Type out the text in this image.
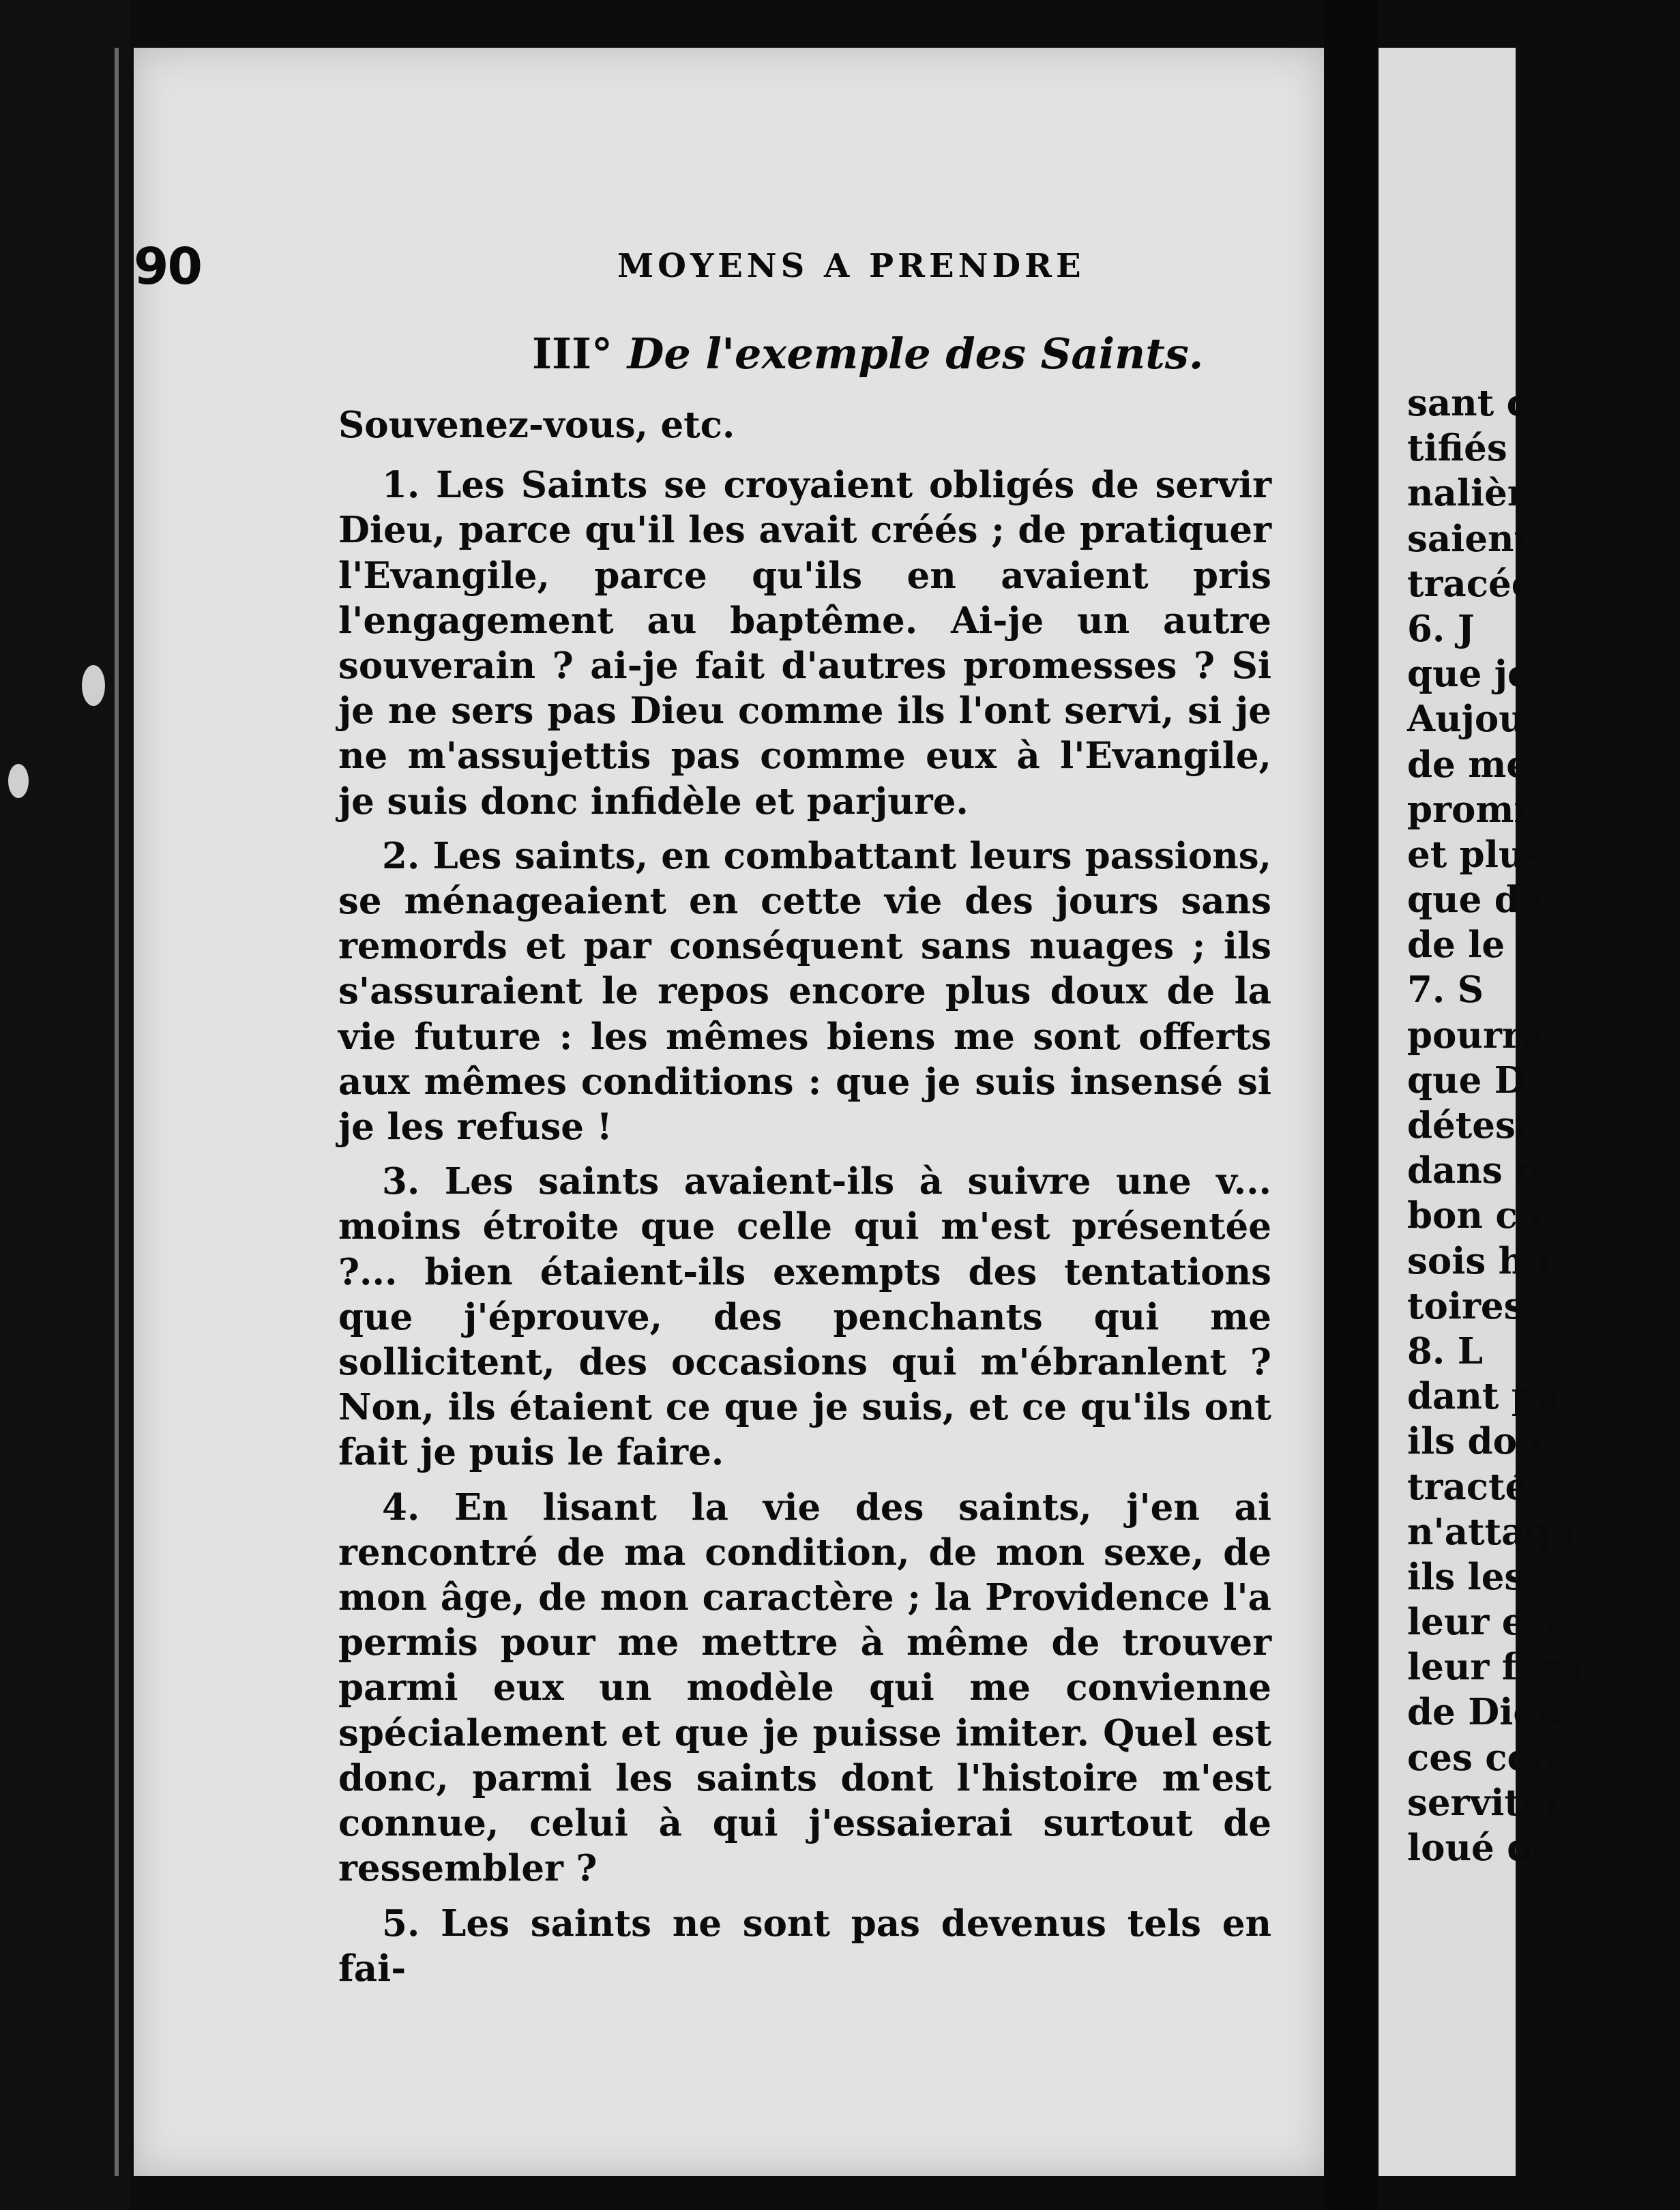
90	MOYENS A PRENDRE
III° De l'exemple des Saints.

Souvenez-vous, etc.

1. Les Saints se croyaient obligés de servir Dieu, parce qu'il les avait créés ; de pratiquer l'Evangile, parce qu'ils en avaient pris l'engagement au baptême. Ai-je un autre souverain ? ai-je fait d'autres promesses ? Si je ne sers pas Dieu comme ils l'ont servi, si je ne m'assujettis pas comme eux à l'Evangile, je suis donc infidèle et parjure.

2. Les saints, en combattant leurs passions, se ménageaient en cette vie des jours sans remords et par conséquent sans nuages ; ils s'assuraient le repos encore plus doux de la vie future : les mêmes biens me sont offerts aux mêmes conditions : que je suis insensé si je les refuse !

3. Les saints avaient-ils à suivre une v... moins étroite que celle qui m'est présentée ?... bien étaient-ils exempts des tentations que j'éprouve, des penchants qui me sollicitent, des occasions qui m'ébranlent ? Non, ils étaient ce que je suis, et ce qu'ils ont fait je puis le faire.

4. En lisant la vie des saints, j'en ai rencontré de ma condition, de mon sexe, de mon âge, de mon caractère ; la Providence l'a permis pour me mettre à même de trouver parmi eux un modèle qui me convienne spécialement et que je puisse imiter. Quel est donc, parmi les saints dont l'histoire m'est connue, celui à qui j'essaierai surtout de ressembler ?

5. Les saints ne sont pas devenus tels en fai-

sant c
tifiés e
nalièr
saient
tracée
6. J
que je
Aujou
de me
promis
et plus
que dè
de le s
7. S
pourra
que D
détesté
dans m
bon co
sois hu
toires.
8. L
dant pa
ils dom
tracté
n'attaqu
ils les
leur exe
leur fera
de Dieu
ces con
serviteu
loué de
